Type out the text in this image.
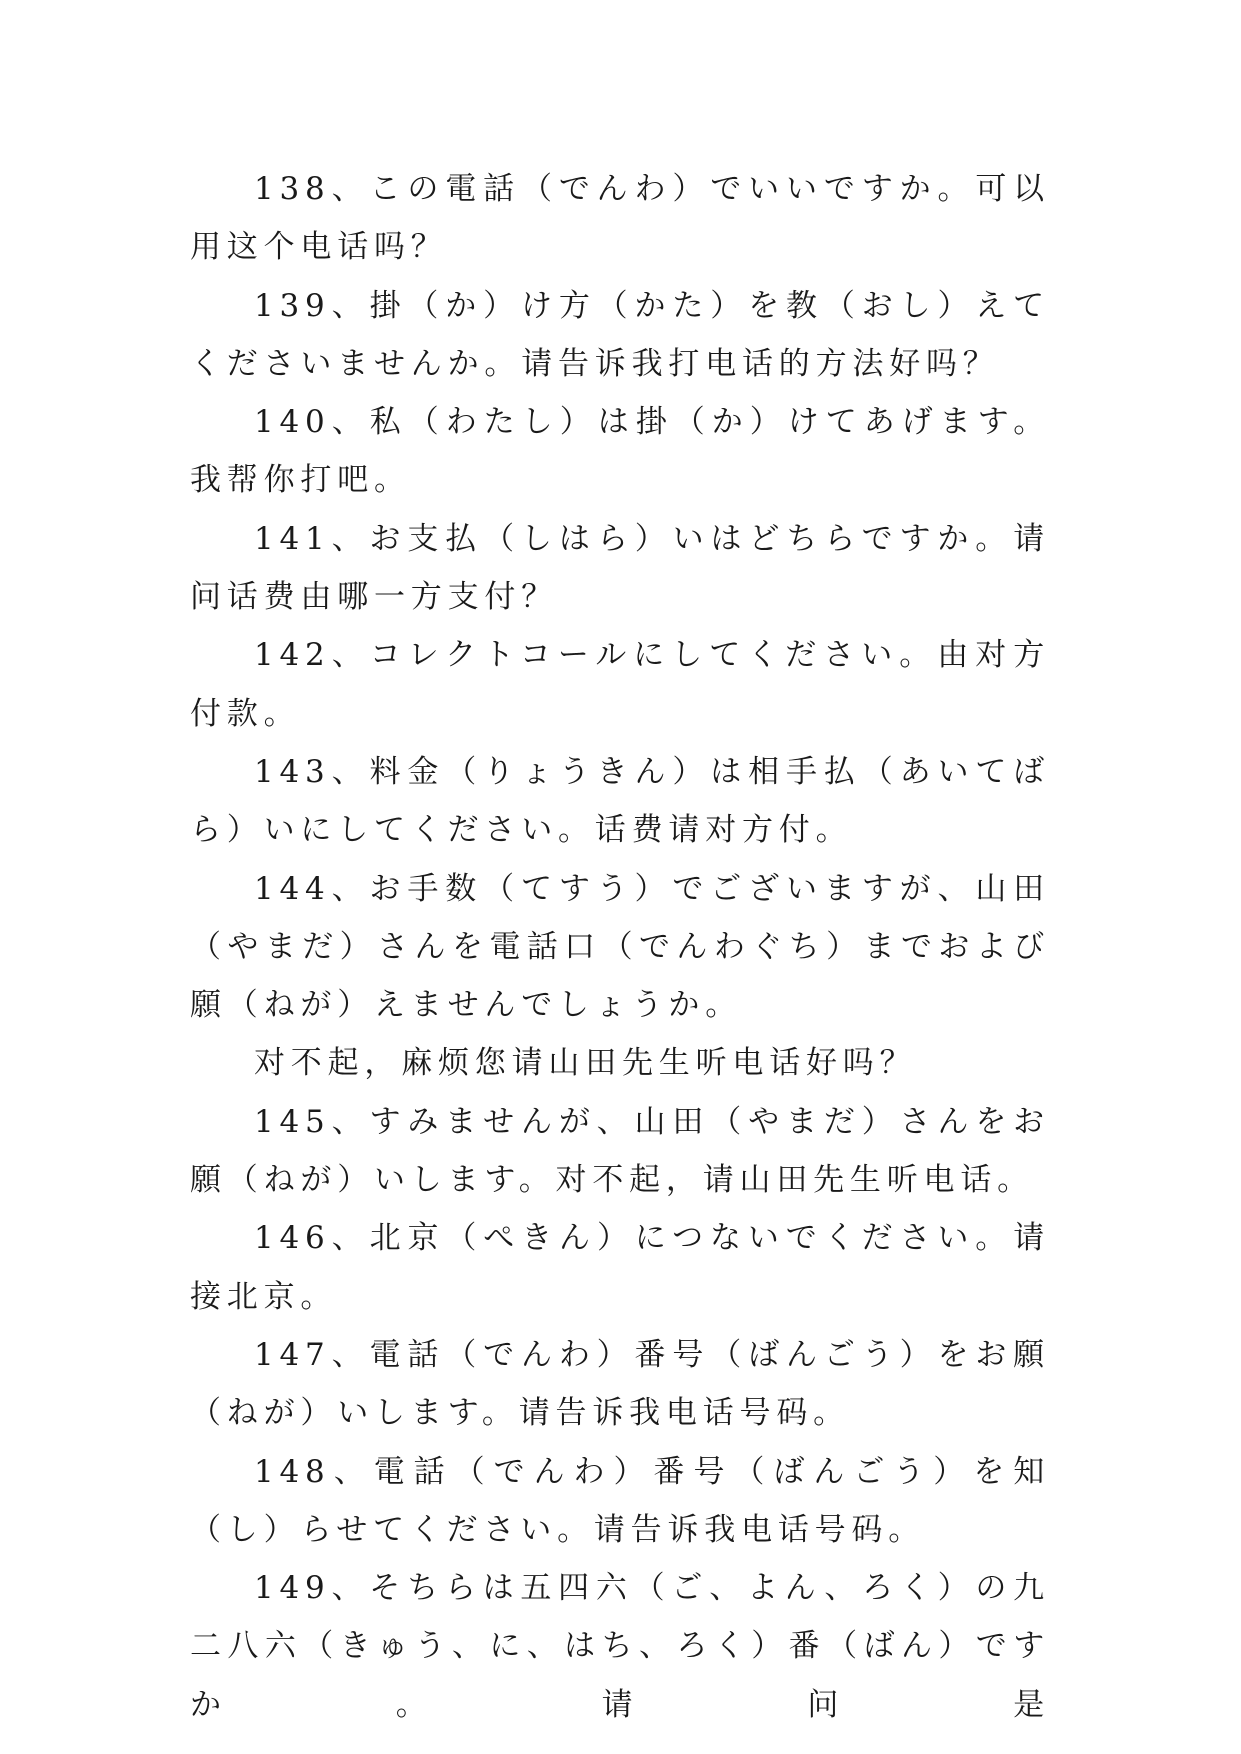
138、この電話（でんわ）でいいですか。可以用这个电话吗？

139、掛（か）け方（かた）を教（おし）えてくださいませんか。请告诉我打电话的方法好吗？

140、私（わたし）は掛（か）けてあげます。我帮你打吧。

141、お支払（しはら）いはどちらですか。请问话费由哪一方支付？

142、コレクトコールにしてください。由对方付款。

143、料金（りょうきん）は相手払（あいてばら）いにしてください。话费请对方付。

144、お手数（てすう）でございますが、山田（やまだ）さんを電話口（でんわぐち）までおよび願（ねが）えませんでしょうか。

对不起，麻烦您请山田先生听电话好吗？

145、すみませんが、山田（やまだ）さんをお願（ねが）いします。对不起，请山田先生听电话。

146、北京（ぺきん）につないでください。请接北京。

147、電話（でんわ）番号（ばんごう）をお願（ねが）いします。请告诉我电话号码。

148、電話（でんわ）番号（ばんごう）を知（し）らせてください。请告诉我电话号码。

149、そちらは五四六（ご、よん、ろく）の九二八六（きゅう、に、はち、ろく）番（ばん）ですか。请问是
